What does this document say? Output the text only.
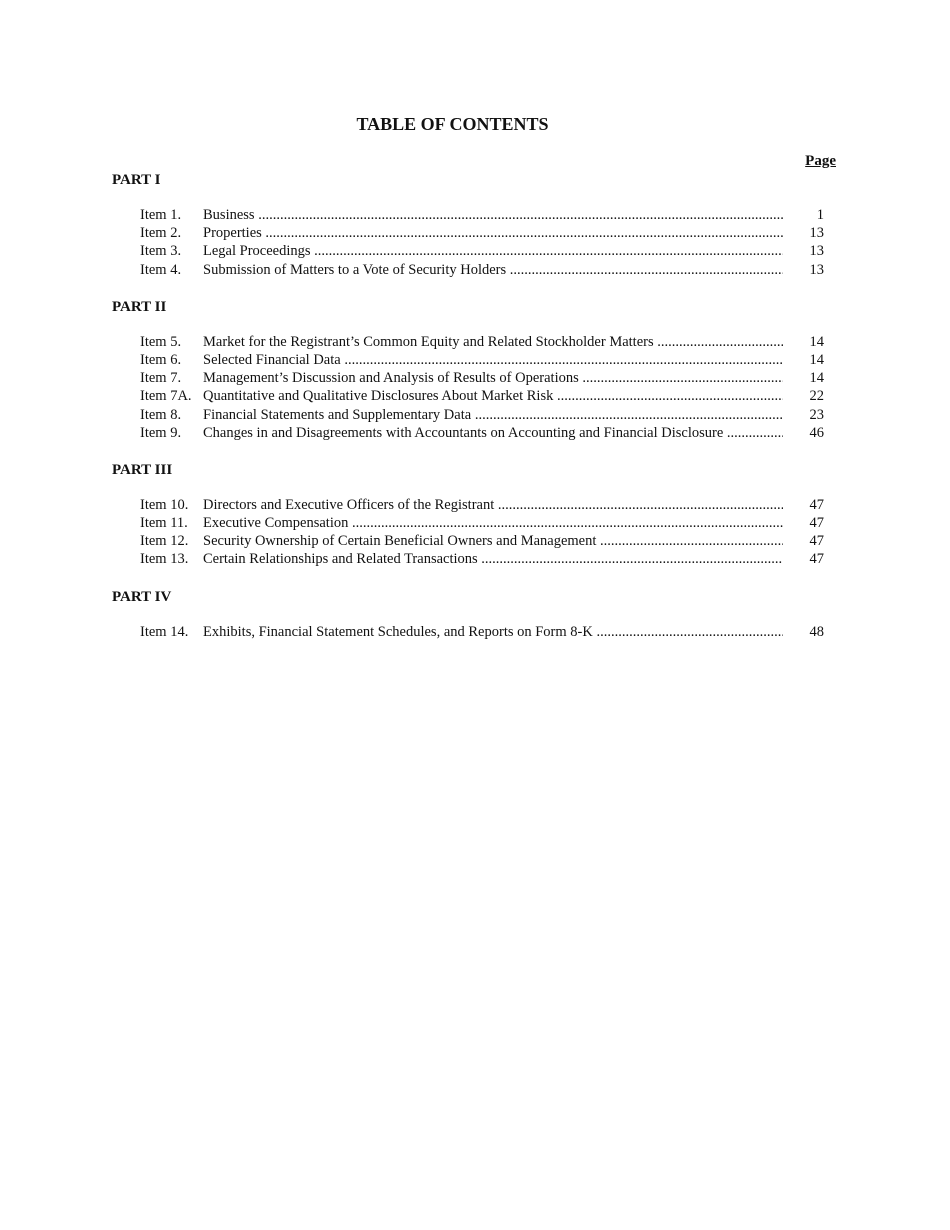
TABLE OF CONTENTS
Page
PART I
Item 1. Business .....	1
Item 2. Properties .....	13
Item 3. Legal Proceedings .....	13
Item 4. Submission of Matters to a Vote of Security Holders .....	13
PART II
Item 5. Market for the Registrant’s Common Equity and Related Stockholder Matters .....	14
Item 6. Selected Financial Data .....	14
Item 7. Management’s Discussion and Analysis of Results of Operations .....	14
Item 7A. Quantitative and Qualitative Disclosures About Market Risk .....	22
Item 8. Financial Statements and Supplementary Data .....	23
Item 9. Changes in and Disagreements with Accountants on Accounting and Financial Disclosure .....	46
PART III
Item 10. Directors and Executive Officers of the Registrant .....	47
Item 11. Executive Compensation .....	47
Item 12. Security Ownership of Certain Beneficial Owners and Management .....	47
Item 13. Certain Relationships and Related Transactions .....	47
PART IV
Item 14. Exhibits, Financial Statement Schedules, and Reports on Form 8-K .....	48
